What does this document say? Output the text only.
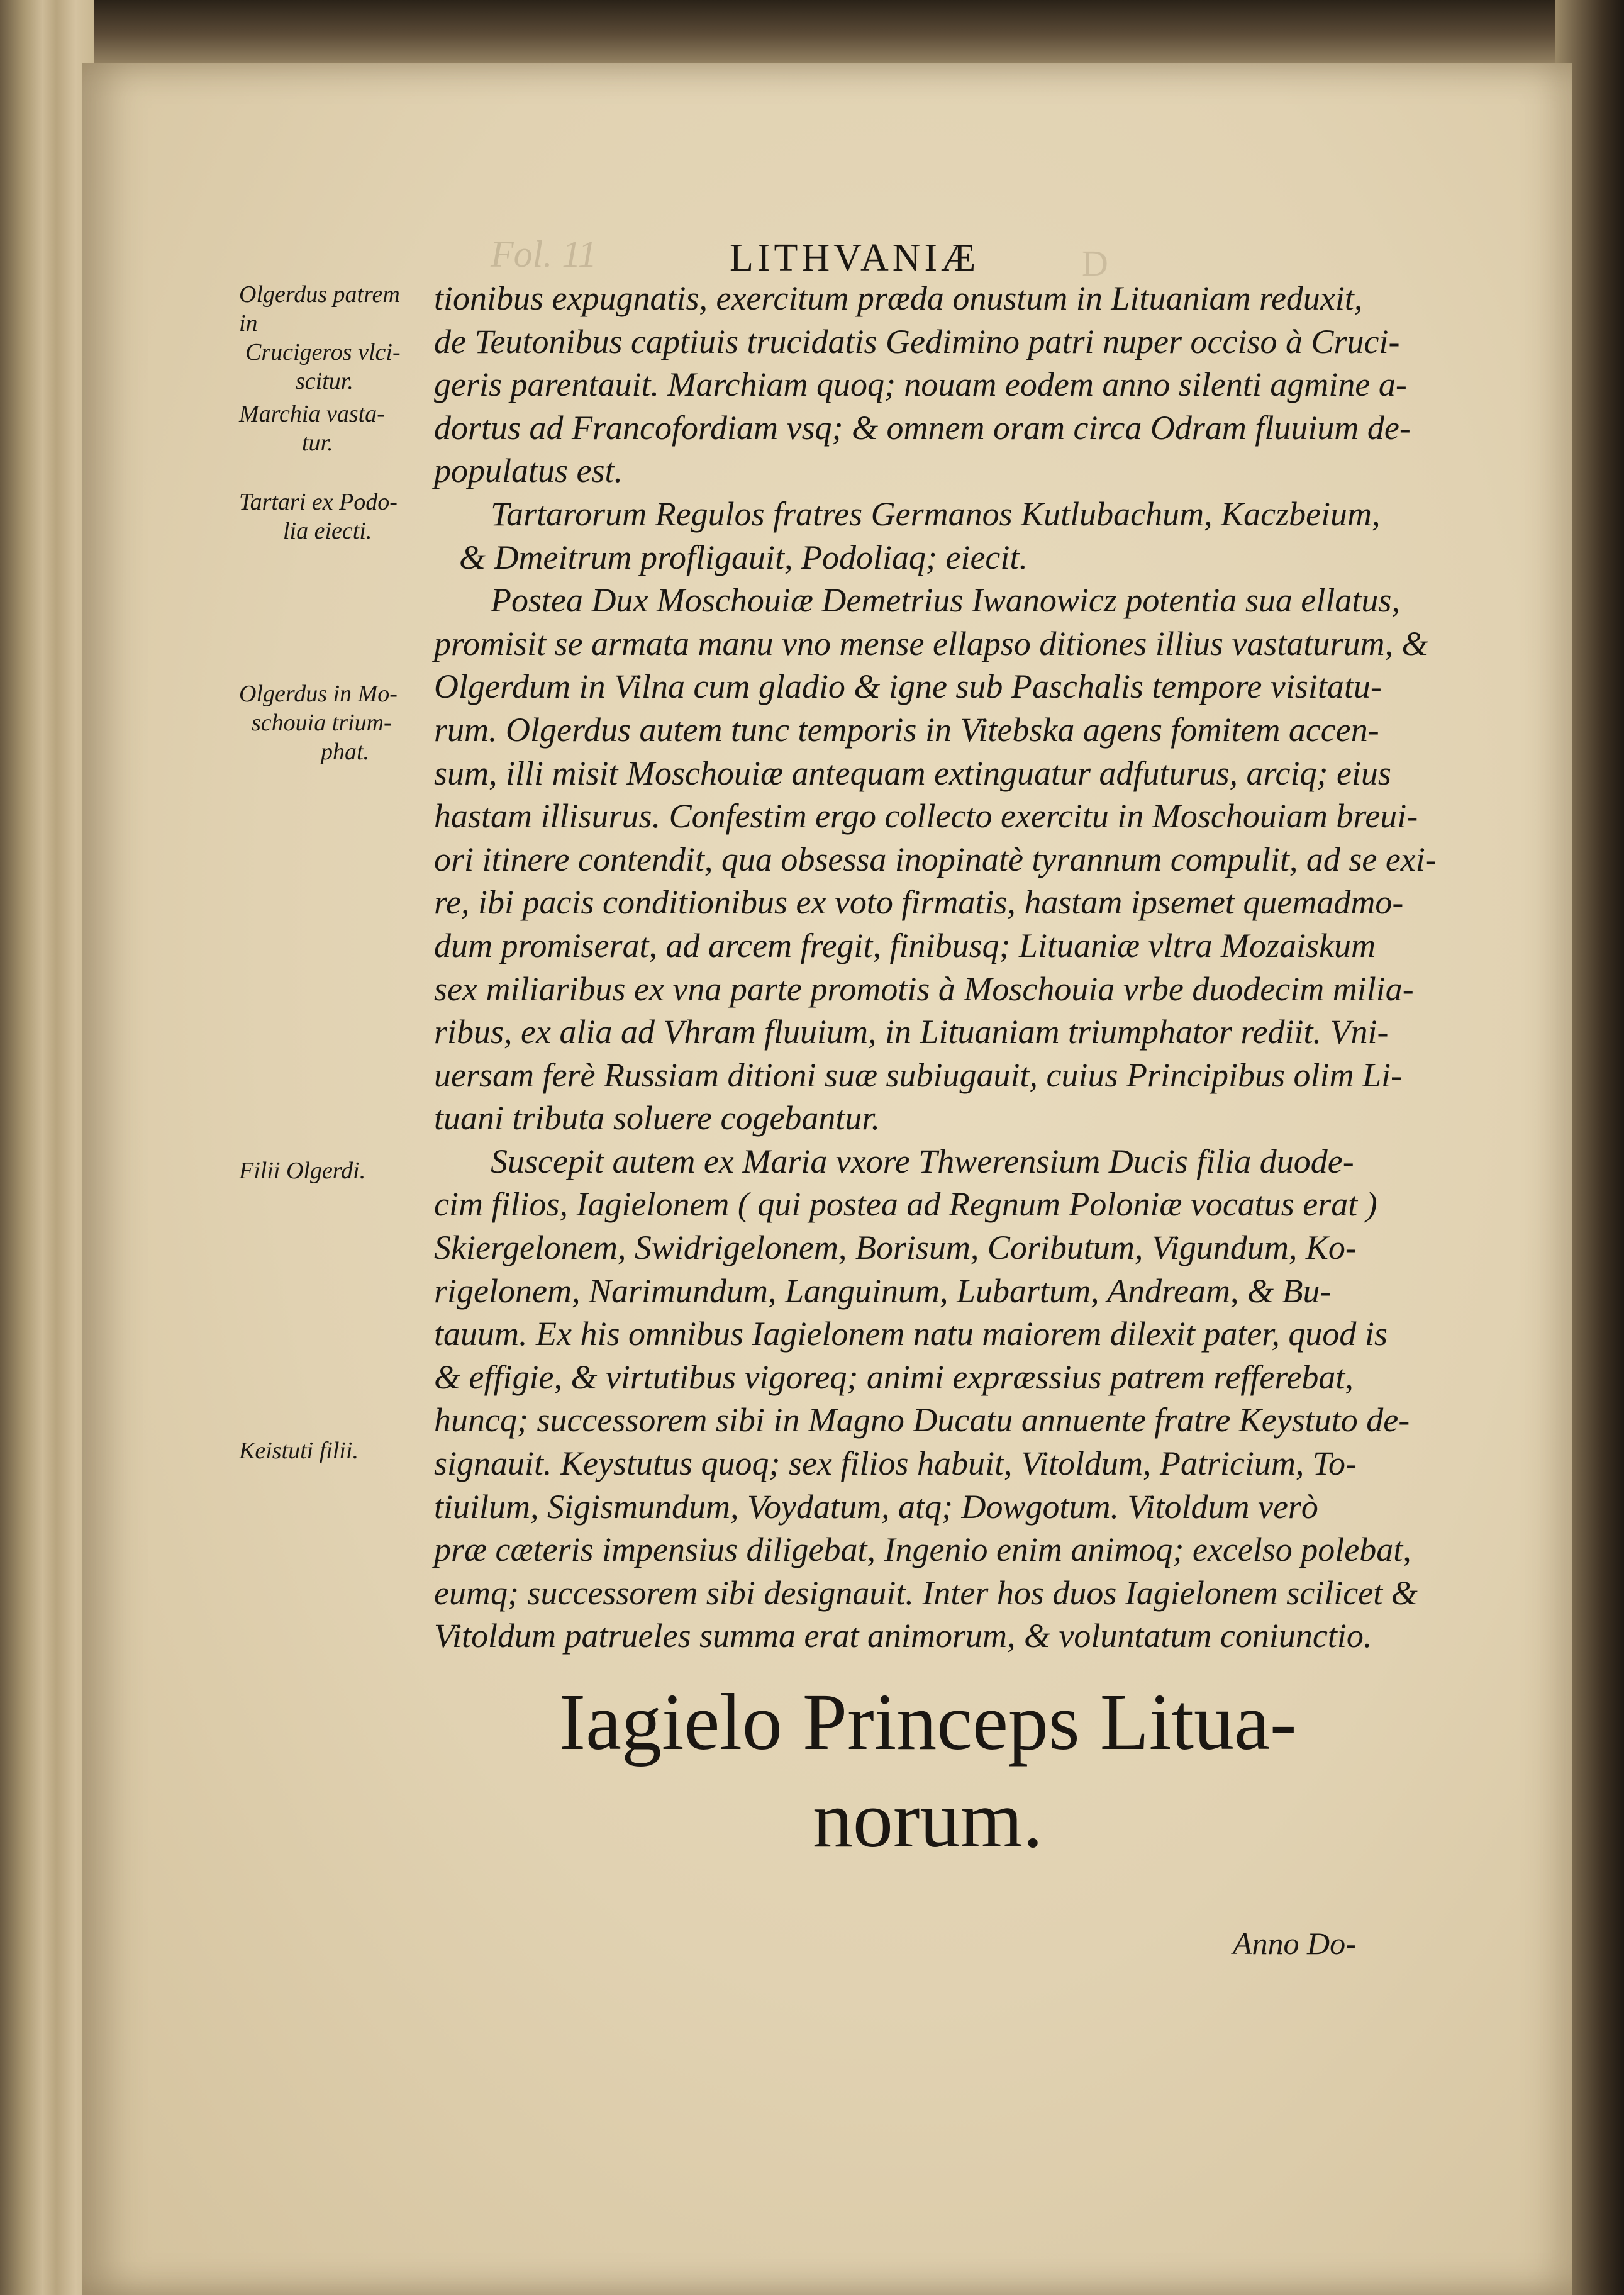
Fol. 11	D
LITHVANIÆ
Olgerdus patrem in
Crucigeros vlci-
scitur.
Marchia vasta-
tur.
Tartari ex Podo-
lia eiecti.
Olgerdus in Mo-
schouia trium-
phat.
Filii Olgerdi.
Keistuti filii.
tionibus expugnatis, exercitum præda onustum in Lituaniam reduxit,
de Teutonibus captiuis trucidatis Gedimino patri nuper occiso à Cruci-
geris parentauit. Marchiam quoq; nouam eodem anno silenti agmine a-
dortus ad Francofordiam vsq; & omnem oram circa Odram fluuium de-
populatus est.
Tartarorum Regulos fratres Germanos Kutlubachum, Kaczbeium,
& Dmeitrum profligauit, Podoliaq; eiecit.
Postea Dux Moschouiæ Demetrius Iwanowicz potentia sua ellatus,
promisit se armata manu vno mense ellapso ditiones illius vastaturum, &
Olgerdum in Vilna cum gladio & igne sub Paschalis tempore visitatu-
rum. Olgerdus autem tunc temporis in Vitebska agens fomitem accen-
sum, illi misit Moschouiæ antequam extinguatur adfuturus, arciq; eius
hastam illisurus. Confestim ergo collecto exercitu in Moschouiam breui-
ori itinere contendit, qua obsessa inopinatè tyrannum compulit, ad se exi-
re, ibi pacis conditionibus ex voto firmatis, hastam ipsemet quemadmo-
dum promiserat, ad arcem fregit, finibusq; Lituaniæ vltra Mozaiskum
sex miliaribus ex vna parte promotis à Moschouia vrbe duodecim milia-
ribus, ex alia ad Vhram fluuium, in Lituaniam triumphator rediit. Vni-
uersam ferè Russiam ditioni suæ subiugauit, cuius Principibus olim Li-
tuani tributa soluere cogebantur.
Suscepit autem ex Maria vxore Thwerensium Ducis filia duode-
cim filios, Iagielonem ( qui postea ad Regnum Poloniæ vocatus erat )
Skiergelonem, Swidrigelonem, Borisum, Coributum, Vigundum, Ko-
rigelonem, Narimundum, Languinum, Lubartum, Andream, & Bu-
tauum. Ex his omnibus Iagielonem natu maiorem dilexit pater, quod is
& effigie, & virtutibus vigoreq; animi expræssius patrem refferebat,
huncq; successorem sibi in Magno Ducatu annuente fratre Keystuto de-
signauit. Keystutus quoq; sex filios habuit, Vitoldum, Patricium, To-
tiuilum, Sigismundum, Voydatum, atq; Dowgotum. Vitoldum verò
præ cæteris impensius diligebat, Ingenio enim animoq; excelso polebat,
eumq; successorem sibi designauit. Inter hos duos Iagielonem scilicet &
Vitoldum patrueles summa erat animorum, & voluntatum coniunctio.
Iagielo Princeps Litua-
norum.
Anno Do-
